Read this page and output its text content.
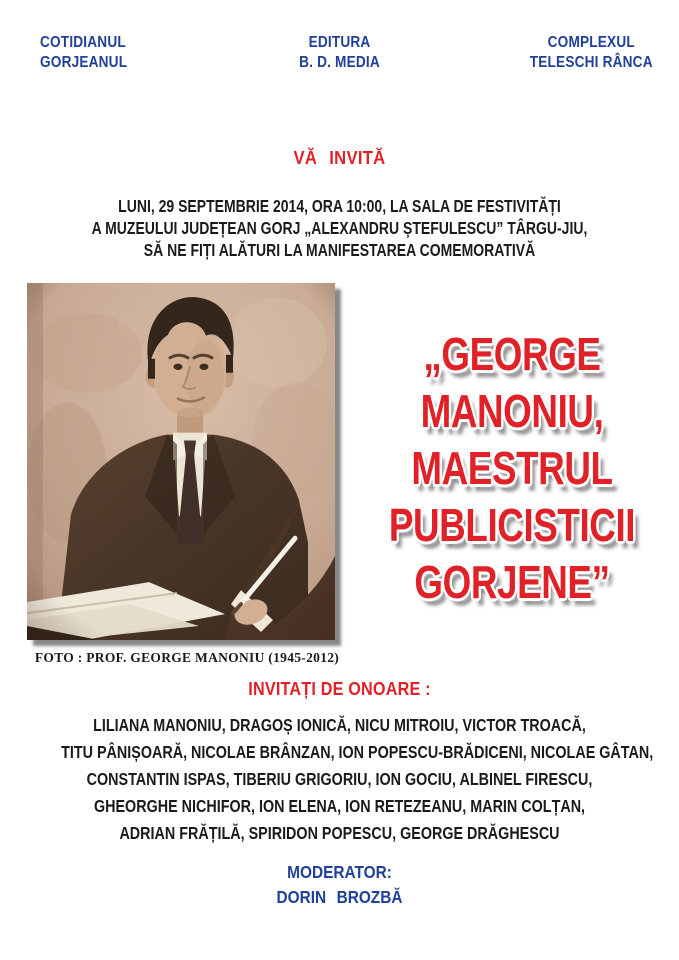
COTIDIANUL
GORJEANUL
EDITURA
B. D. MEDIA
COMPLEXUL
TELESCHI RÂNCA
VĂ INVITĂ
LUNI, 29 SEPTEMBRIE 2014, ORA 10:00, LA SALA DE FESTIVITĂȚI
A MUZEULUI JUDEȚEAN GORJ „ALEXANDRU ȘTEFULESCU” TÂRGU-JIU,
SĂ NE FIȚI ALĂTURI LA MANIFESTAREA COMEMORATIVĂ
FOTO : PROF. GEORGE MANONIU (1945-2012)
„GEORGE
MANONIU,
MAESTRUL
PUBLICISTICII
GORJENE”
INVITAȚI DE ONOARE :
LILIANA MANONIU, DRAGOȘ IONICĂ, NICU MITROIU, VICTOR TROACĂ,
TITU PÂNIȘOARĂ, NICOLAE BRÂNZAN, ION POPESCU-BRĂDICENI, NICOLAE GÂTAN,
CONSTANTIN ISPAS, TIBERIU GRIGORIU, ION GOCIU, ALBINEL FIRESCU,
GHEORGHE NICHIFOR, ION ELENA, ION RETEZEANU, MARIN COLȚAN,
ADRIAN FRĂȚILĂ, SPIRIDON POPESCU, GEORGE DRĂGHESCU
MODERATOR:
DORIN BROZBĂ
